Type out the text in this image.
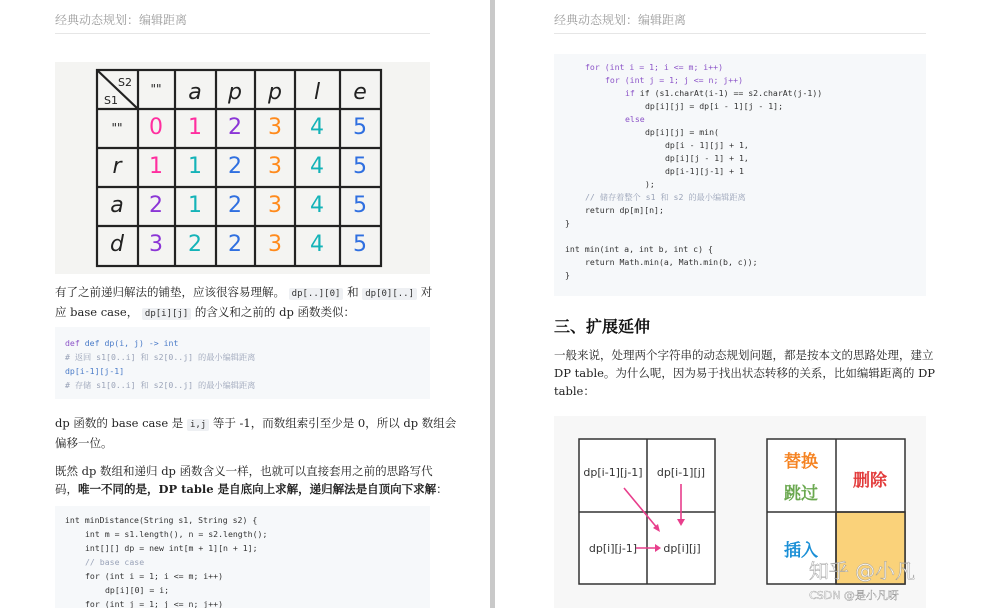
经典动态规划：编辑距离
S2
S1
"" a p p l e
""
r
a
d
0 1 2 3 4 5
1 1 2 3 4 5
2 1 2 3 4 5
3 2 2 3 4 5
有了之前递归解法的铺垫，应该很容易理解。 dp[..][0] 和 dp[0][..] 对
应 base case， dp[i][j] 的含义和之前的 dp 函数类似：
def def dp(i, j) -> int
# 返回 s1[0..i] 和 s2[0..j] 的最小编辑距离
dp[i-1][j-1]
# 存储 s1[0..i] 和 s2[0..j] 的最小编辑距离
dp 函数的 base case 是 i,j 等于 -1，而数组索引至少是 0，所以 dp 数组会
偏移一位。
既然 dp 数组和递归 dp 函数含义一样，也就可以直接套用之前的思路写代
码，唯一不同的是，DP table 是自底向上求解，递归解法是自顶向下求解：
int minDistance(String s1, String s2) {
int m = s1.length(), n = s2.length();
int[][] dp = new int[m + 1][n + 1];
// base case
for (int i = 1; i <= m; i++)
dp[i][0] = i;
for (int j = 1; j <= n; j++)
经典动态规划：编辑距离
for (int i = 1; i <= m; i++)
for (int j = 1; j <= n; j++)
if if (s1.charAt(i-1) == s2.charAt(j-1))
dp[i][j] = dp[i - 1][j - 1];
else
dp[i][j] = min(
dp[i - 1][j] + 1,
dp[i][j - 1] + 1,
dp[i-1][j-1] + 1
);
// 储存着整个 s1 和 s2 的最小编辑距离
return dp[m][n];
}
int min(int a, int b, int c) {
return Math.min(a, Math.min(b, c));
}
三、扩展延伸
一般来说，处理两个字符串的动态规划问题，都是按本文的思路处理，建立
DP table。为什么呢，因为易于找出状态转移的关系，比如编辑距离的 DP
table：
dp[i-1][j-1] dp[i-1][j]
dp[i][j-1] dp[i][j]
替换
跳过
删除
插入
知乎 @小凡
CSDN @是小凡呀
